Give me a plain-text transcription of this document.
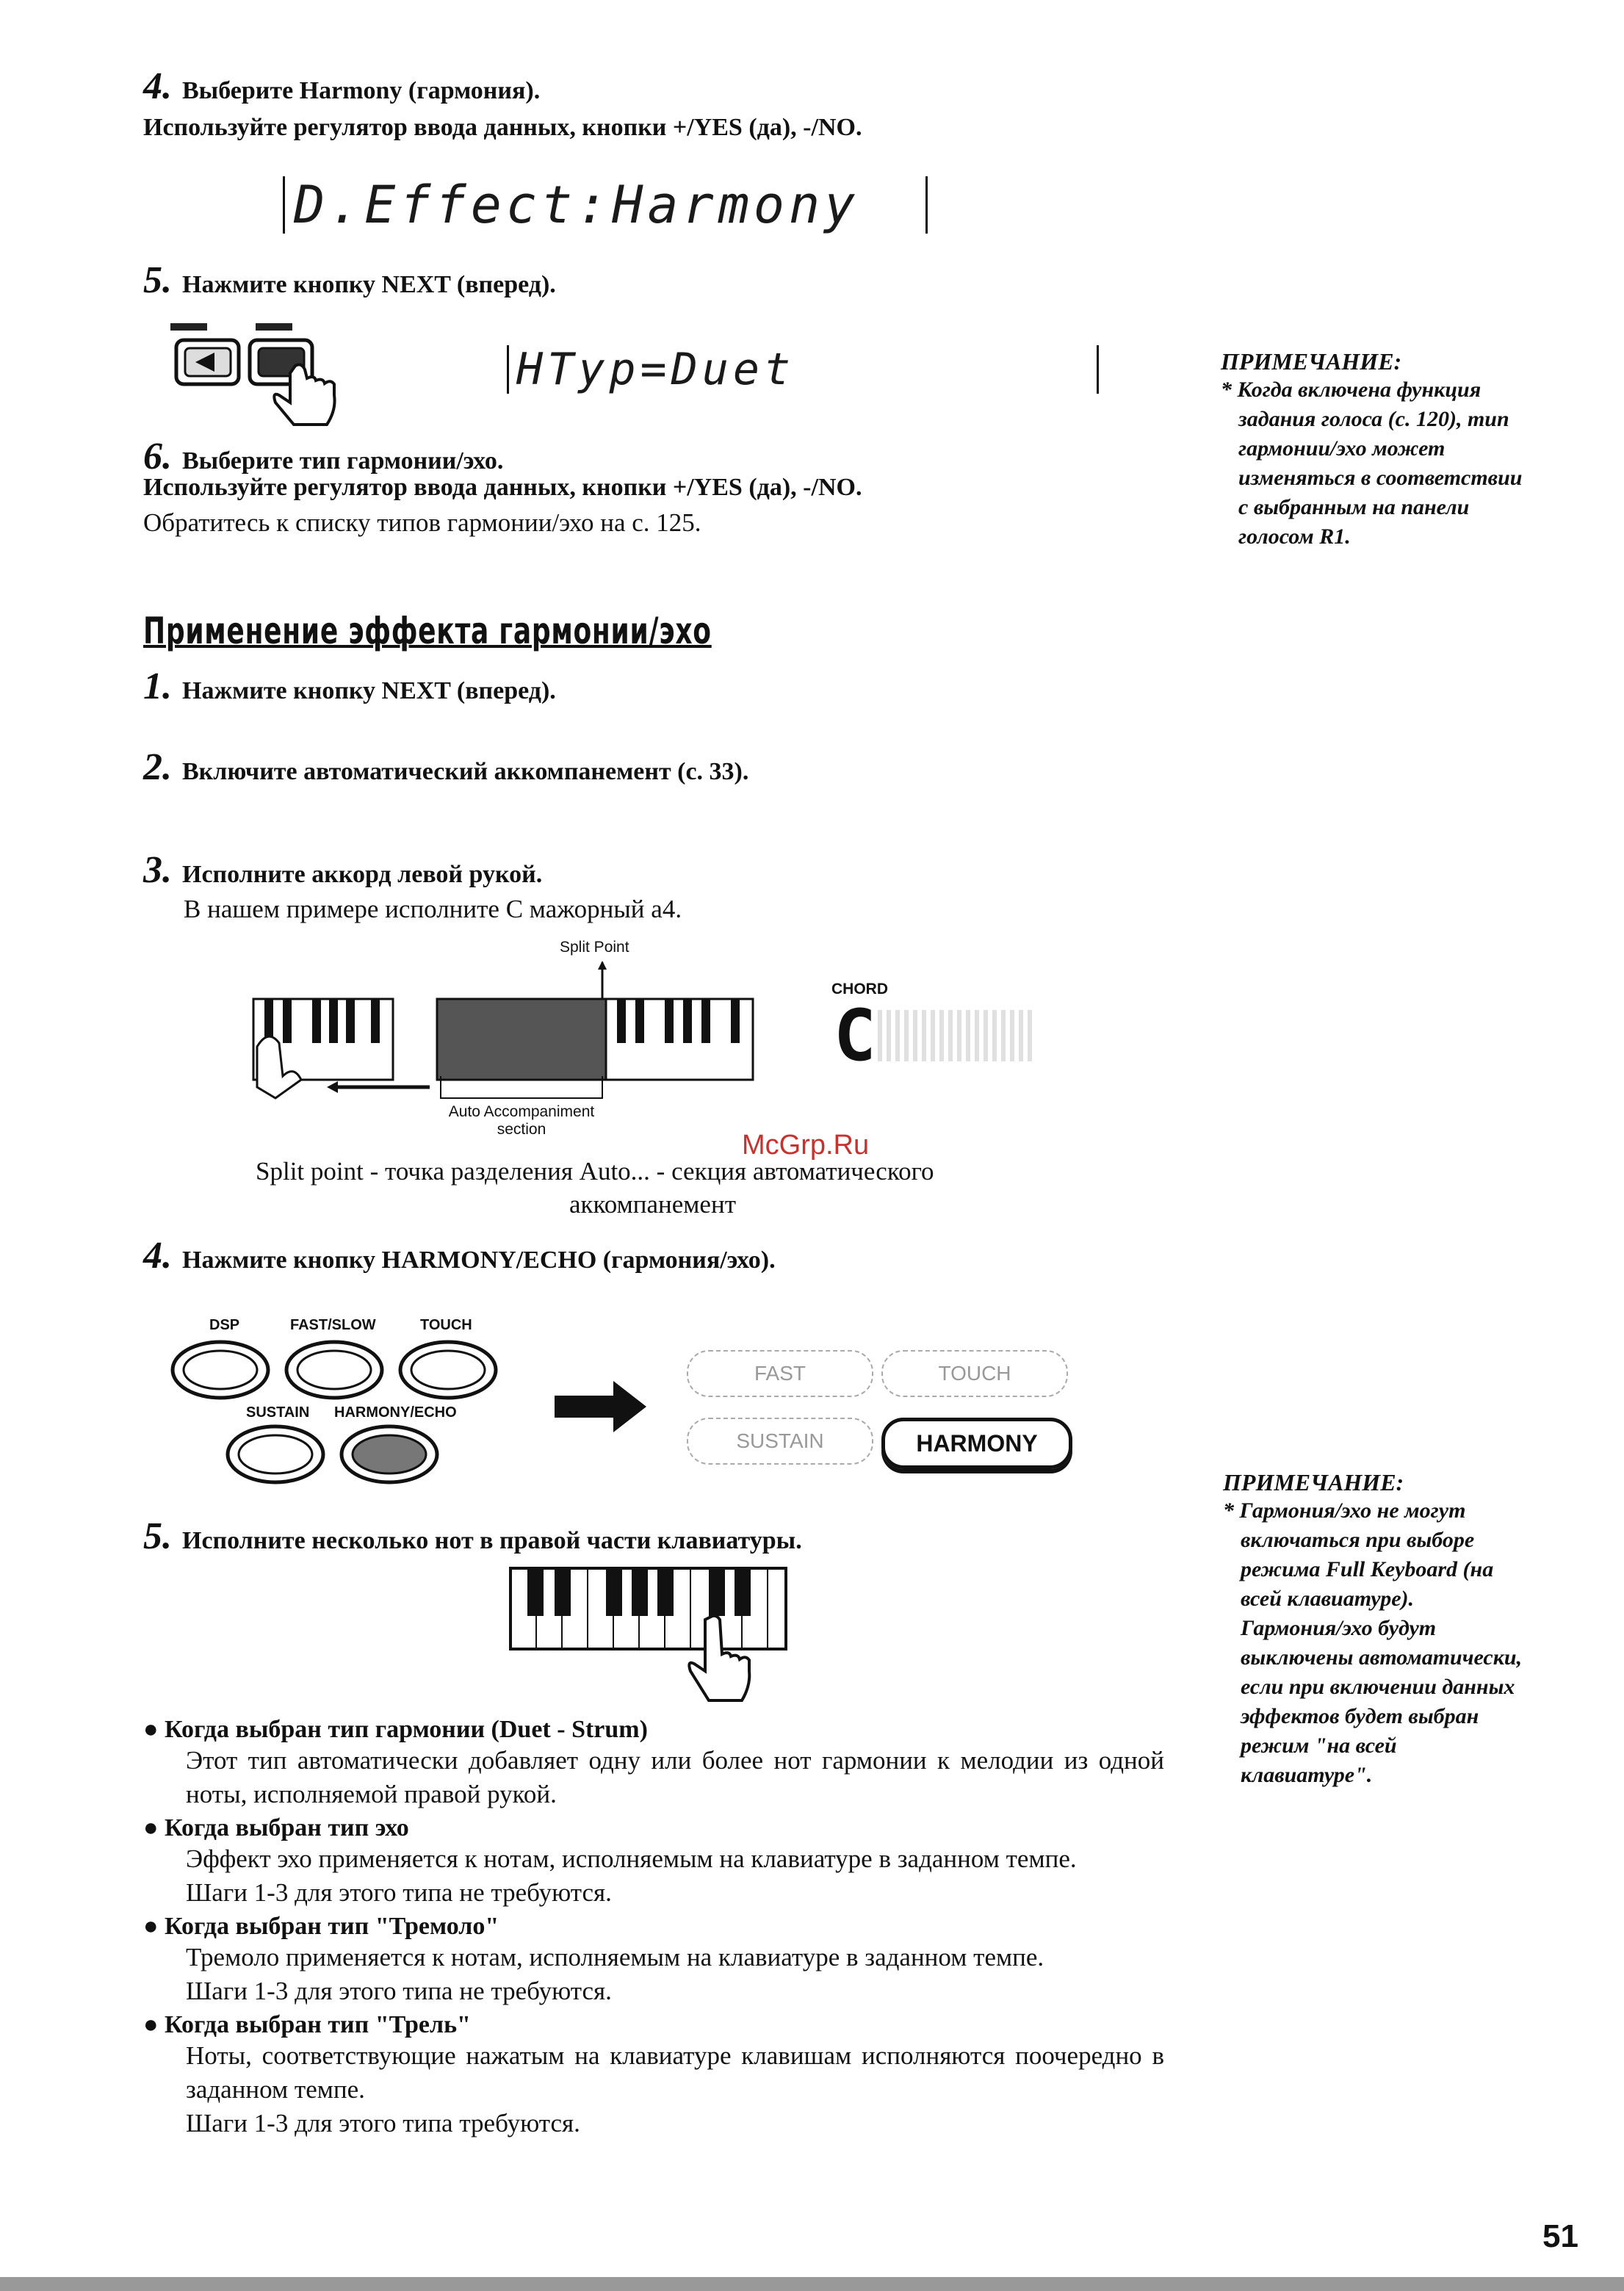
4. Выберите Harmony (гармония).
Используйте регулятор ввода данных, кнопки +/YES (да), -/NO.
D.Effect:Harmony
5. Нажмите кнопку NEXT (вперед).
HTyp=Duet
6. Выберите тип гармонии/эхо.
Используйте регулятор ввода данных, кнопки +/YES (да), -/NO.
Обратитесь к списку типов гармонии/эхо на с. 125.
ПРИМЕЧАНИЕ:
* Когда включена функция
задания голоса (с. 120), тип
гармонии/эхо может
изменяться в соответствии
с выбранным на панели
голосом R1.
Применение эффекта гармонии/эхо
1. Нажмите кнопку NEXT (вперед).
2. Включите автоматический аккомпанемент (с. 33).
3. Исполните аккорд левой рукой.
В нашем примере исполните С мажорный а4.
Split Point
Auto Accompaniment
section
CHORD
C
Split point - точка разделения Auto... - секция автоматического
аккомпанемент
McGrp.Ru
4. Нажмите кнопку HARMONY/ECHO (гармония/эхо).
DSP	FAST/SLOW	TOUCH
SUSTAIN HARMONY/ECHO
FAST	TOUCH
SUSTAIN	HARMONY
5. Исполните несколько нот в правой части клавиатуры.
ПРИМЕЧАНИЕ:
* Гармония/эхо не могут
включаться при выборе
режима Full Keyboard (на
всей клавиатуре).
Гармония/эхо будут
выключены автоматически,
если при включении данных
эффектов будет выбран
режим "на всей
клавиатуре".
● Когда выбран тип гармонии (Duet - Strum)
Этот тип автоматически добавляет одну или более нот гармонии к мелодии из одной ноты, исполняемой правой рукой.
● Когда выбран тип эхо
Эффект эхо применяется к нотам, исполняемым на клавиатуре в заданном темпе.
Шаги 1-3 для этого типа не требуются.
● Когда выбран тип "Тремоло"
Тремоло применяется к нотам, исполняемым на клавиатуре в заданном темпе.
Шаги 1-3 для этого типа не требуются.
● Когда выбран тип "Трель"
Ноты, соответствующие нажатым на клавиатуре клавишам исполняются поочередно в заданном темпе.
Шаги 1-3 для этого типа требуются.
51
